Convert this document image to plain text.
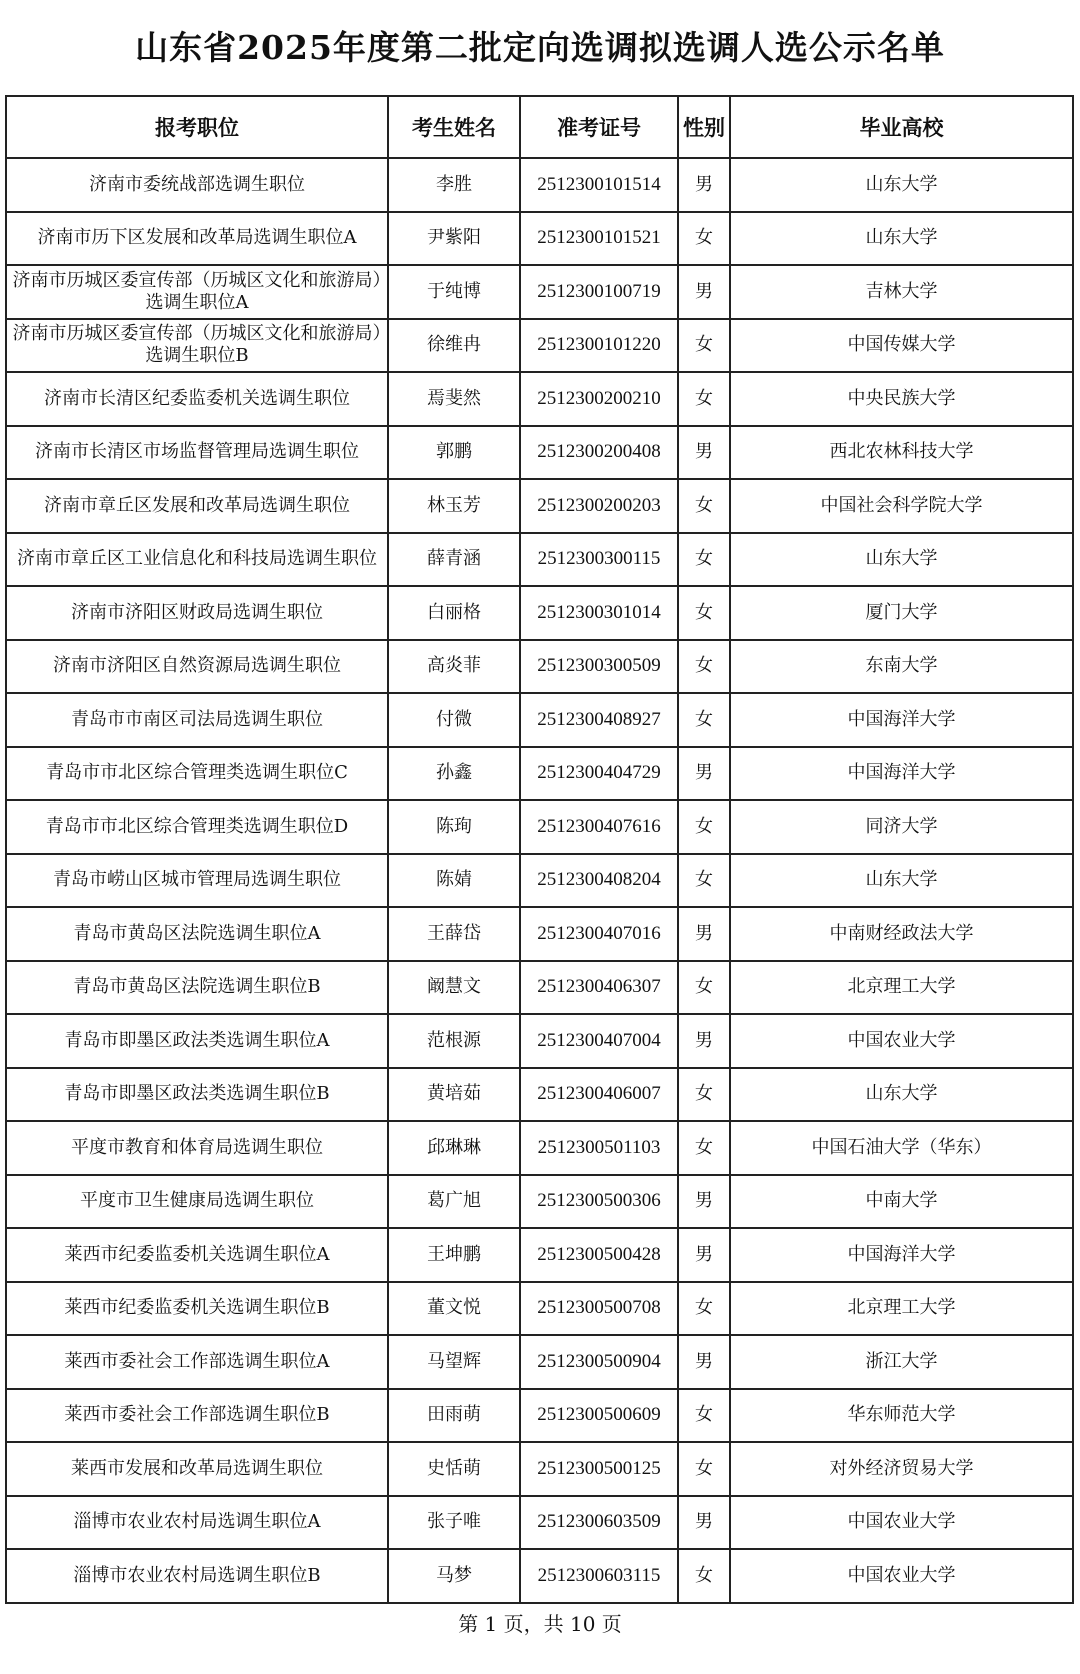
山东省2025年度第二批定向选调拟选调人选公示名单
报考职位	考生姓名	准考证号	性别	毕业高校
济南市委统战部选调生职位	李胜	2512300101514	男	山东大学
济南市历下区发展和改革局选调生职位A	尹紫阳	2512300101521	女	山东大学
济南市历城区委宣传部（历城区文化和旅游局）选调生职位A	于纯博	2512300100719	男	吉林大学
济南市历城区委宣传部（历城区文化和旅游局）选调生职位B	徐维冉	2512300101220	女	中国传媒大学
济南市长清区纪委监委机关选调生职位	焉斐然	2512300200210	女	中央民族大学
济南市长清区市场监督管理局选调生职位	郭鹏	2512300200408	男	西北农林科技大学
济南市章丘区发展和改革局选调生职位	林玉芳	2512300200203	女	中国社会科学院大学
济南市章丘区工业信息化和科技局选调生职位	薛青涵	2512300300115	女	山东大学
济南市济阳区财政局选调生职位	白丽格	2512300301014	女	厦门大学
济南市济阳区自然资源局选调生职位	高炎菲	2512300300509	女	东南大学
青岛市市南区司法局选调生职位	付微	2512300408927	女	中国海洋大学
青岛市市北区综合管理类选调生职位C	孙鑫	2512300404729	男	中国海洋大学
青岛市市北区综合管理类选调生职位D	陈珣	2512300407616	女	同济大学
青岛市崂山区城市管理局选调生职位	陈婧	2512300408204	女	山东大学
青岛市黄岛区法院选调生职位A	王薛岱	2512300407016	男	中南财经政法大学
青岛市黄岛区法院选调生职位B	阚慧文	2512300406307	女	北京理工大学
青岛市即墨区政法类选调生职位A	范根源	2512300407004	男	中国农业大学
青岛市即墨区政法类选调生职位B	黄培茹	2512300406007	女	山东大学
平度市教育和体育局选调生职位	邱琳琳	2512300501103	女	中国石油大学（华东）
平度市卫生健康局选调生职位	葛广旭	2512300500306	男	中南大学
莱西市纪委监委机关选调生职位A	王坤鹏	2512300500428	男	中国海洋大学
莱西市纪委监委机关选调生职位B	董文悦	2512300500708	女	北京理工大学
莱西市委社会工作部选调生职位A	马望辉	2512300500904	男	浙江大学
莱西市委社会工作部选调生职位B	田雨萌	2512300500609	女	华东师范大学
莱西市发展和改革局选调生职位	史恬萌	2512300500125	女	对外经济贸易大学
淄博市农业农村局选调生职位A	张子唯	2512300603509	男	中国农业大学
淄博市农业农村局选调生职位B	马梦	2512300603115	女	中国农业大学
第 1 页，共 10 页
